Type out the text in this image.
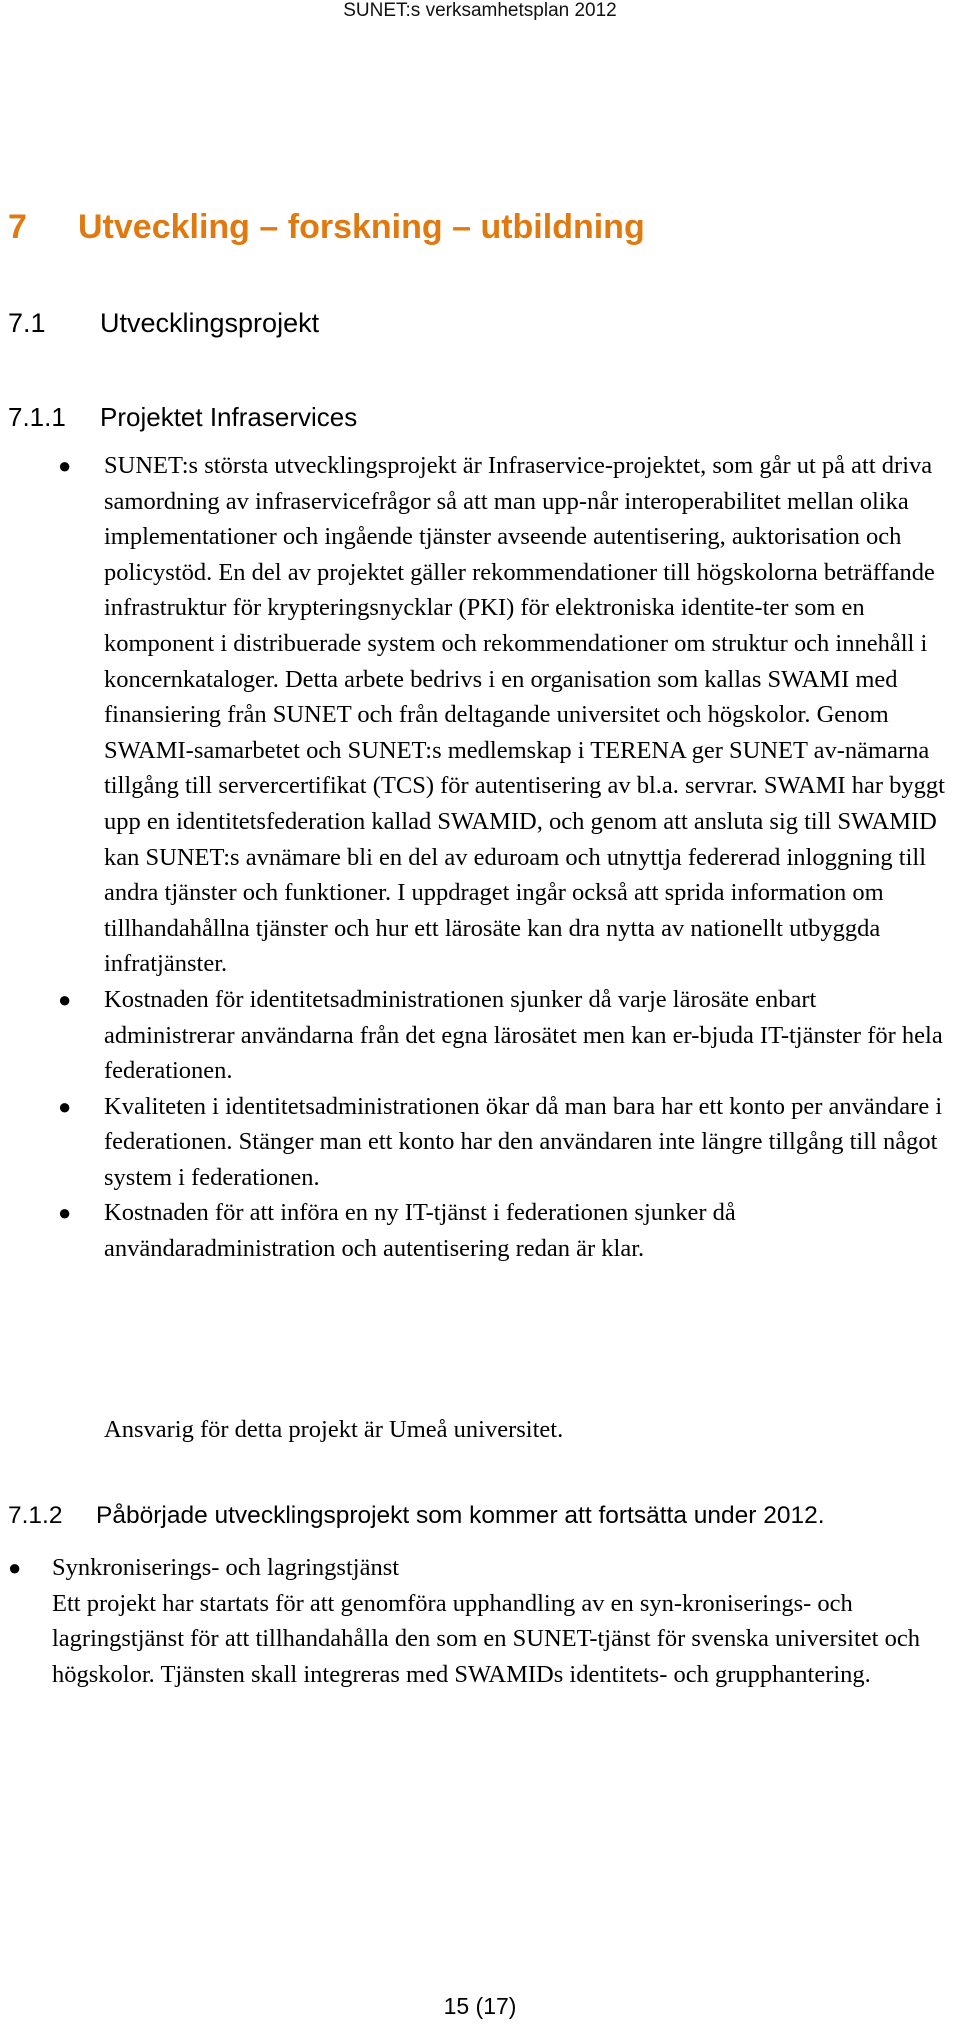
SUNET:s verksamhetsplan 2012
7 Utveckling – forskning – utbildning
7.1 Utvecklingsprojekt
7.1.1 Projektet Infraservices
● SUNET:s största utvecklingsprojekt är Infraservice-projektet, som går ut på att driva samordning av infraservicefrågor så att man upp-når interoperabilitet mellan olika implementationer och ingående tjänster avseende autentisering, auktorisation och policystöd. En del av projektet gäller rekommendationer till högskolorna beträffande infrastruktur för krypteringsnycklar (PKI) för elektroniska identite-ter som en komponent i distribuerade system och rekommendationer om struktur och innehåll i koncernkataloger. Detta arbete bedrivs i en organisation som kallas SWAMI med finansiering från SUNET och från deltagande universitet och högskolor. Genom SWAMI-samarbetet och SUNET:s medlemskap i TERENA ger SUNET av-nämarna tillgång till servercertifikat (TCS) för autentisering av bl.a. servrar. SWAMI har byggt upp en identitetsfederation kallad SWAMID, och genom att ansluta sig till SWAMID kan SUNET:s avnämare bli en del av eduroam och utnyttja federerad inloggning till andra tjänster och funktioner. I uppdraget ingår också att sprida information om tillhandahållna tjänster och hur ett lärosäte kan dra nytta av nationellt utbyggda infratjänster.
● Kostnaden för identitetsadministrationen sjunker då varje lärosäte enbart administrerar användarna från det egna lärosätet men kan er-bjuda IT-tjänster för hela federationen.
● Kvaliteten i identitetsadministrationen ökar då man bara har ett konto per användare i federationen. Stänger man ett konto har den användaren inte längre tillgång till något system i federationen.
● Kostnaden för att införa en ny IT-tjänst i federationen sjunker då användaradministration och autentisering redan är klar.
Ansvarig för detta projekt är Umeå universitet.
7.1.2 Påbörjade utvecklingsprojekt som kommer att fortsätta under 2012.
● Synkroniserings- och lagringstjänst
Ett projekt har startats för att genomföra upphandling av en syn-kroniserings- och lagringstjänst för att tillhandahålla den som en SUNET-tjänst för svenska universitet och högskolor. Tjänsten skall integreras med SWAMIDs identitets- och grupphantering.
15 (17)
